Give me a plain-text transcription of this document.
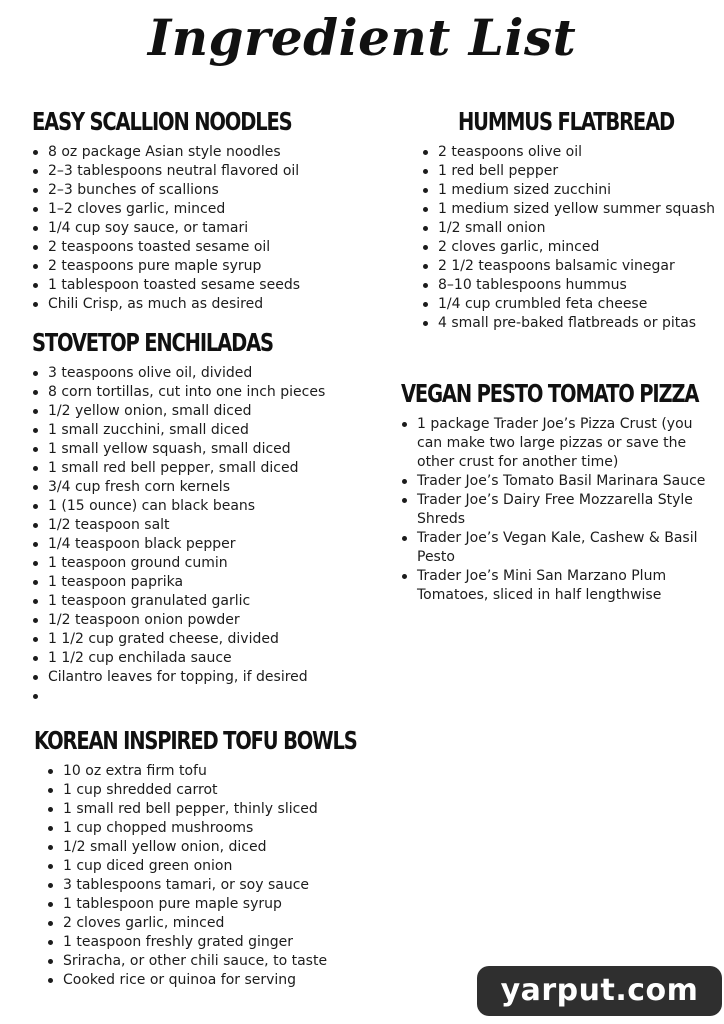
Ingredient List
EASY SCALLION NOODLES
8 oz package Asian style noodles
2–3 tablespoons neutral flavored oil
2–3 bunches of scallions
1–2 cloves garlic, minced
1/4 cup soy sauce, or tamari
2 teaspoons toasted sesame oil
2 teaspoons pure maple syrup
1 tablespoon toasted sesame seeds
Chili Crisp, as much as desired
STOVETOP ENCHILADAS
3 teaspoons olive oil, divided
8 corn tortillas, cut into one inch pieces
1/2 yellow onion, small diced
1 small zucchini, small diced
1 small yellow squash, small diced
1 small red bell pepper, small diced
3/4 cup fresh corn kernels
1 (15 ounce) can black beans
1/2 teaspoon salt
1/4 teaspoon black pepper
1 teaspoon ground cumin
1 teaspoon paprika
1 teaspoon granulated garlic
1/2 teaspoon onion powder
1 1/2 cup grated cheese, divided
1 1/2 cup enchilada sauce
Cilantro leaves for topping, if desired
KOREAN INSPIRED TOFU BOWLS
10 oz extra firm tofu
1 cup shredded carrot
1 small red bell pepper, thinly sliced
1 cup chopped mushrooms
1/2 small yellow onion, diced
1 cup diced green onion
3 tablespoons tamari, or soy sauce
1 tablespoon pure maple syrup
2 cloves garlic, minced
1 teaspoon freshly grated ginger
Sriracha, or other chili sauce, to taste
Cooked rice or quinoa for serving
HUMMUS FLATBREAD
2 teaspoons olive oil
1 red bell pepper
1 medium sized zucchini
1 medium sized yellow summer squash
1/2 small onion
2 cloves garlic, minced
2 1/2 teaspoons balsamic vinegar
8–10 tablespoons hummus
1/4 cup crumbled feta cheese
4 small pre-baked flatbreads or pitas
VEGAN PESTO TOMATO PIZZA
1 package Trader Joe’s Pizza Crust (you can make two large pizzas or save the other crust for another time)
Trader Joe’s Tomato Basil Marinara Sauce
Trader Joe’s Dairy Free Mozzarella Style Shreds
Trader Joe’s Vegan Kale, Cashew & Basil Pesto
Trader Joe’s Mini San Marzano Plum Tomatoes, sliced in half lengthwise
yarput.com
